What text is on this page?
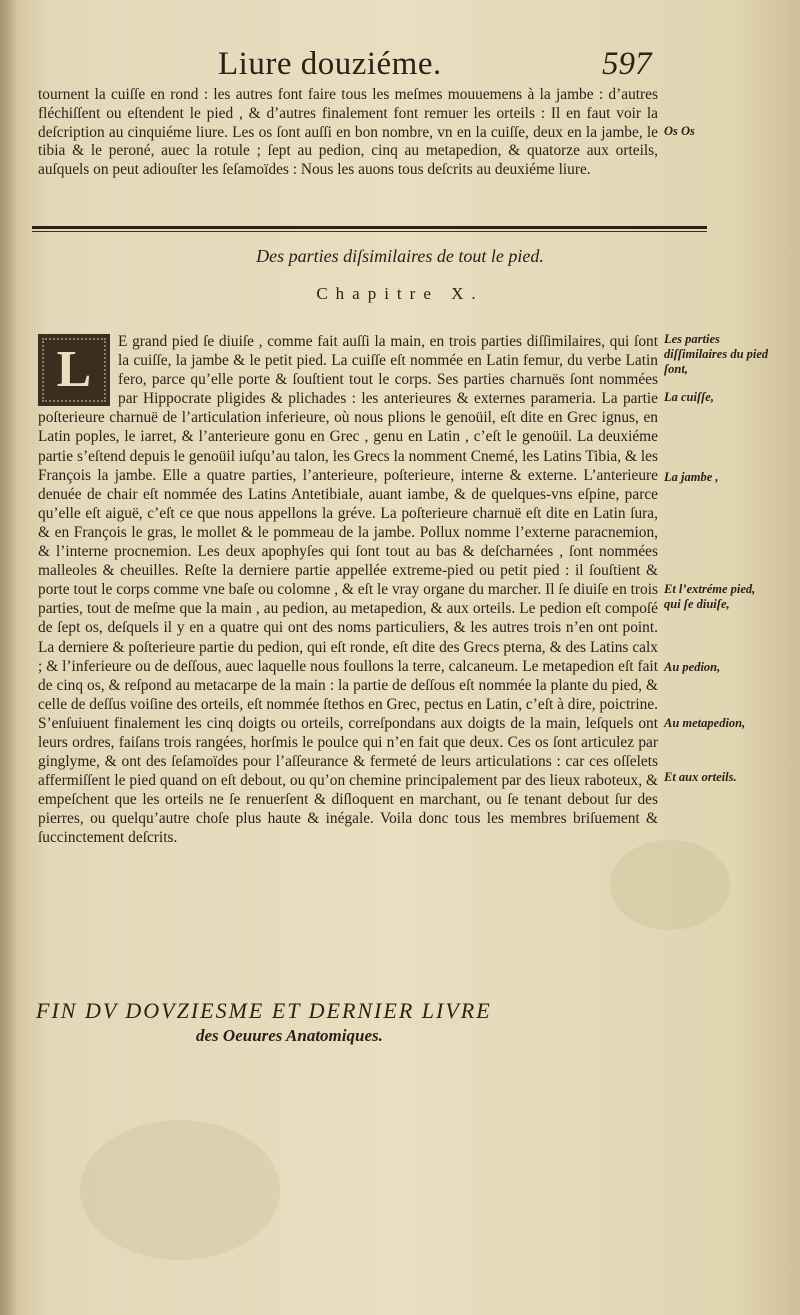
Liure douziéme.	597

tournent la cuiſſe en rond : les autres font faire tous les meſmes mouuemens à la jambe : d’autres fléchiſſent ou eſtendent le pied , & d’autres finalement font remuer les orteils : Il en faut voir la deſcription au cinquiéme liure. Les os ſont auſſi en bon nombre, vn en la cuiſſe, deux en la jambe, le tibia & le peroné, auec la rotule ; ſept au pedion, cinq au metapedion, & quatorze aux orteils, auſquels on peut adiouſter les ſeſamoïdes : Nous les auons tous deſcrits au deuxiéme liure.

Os Os
Des parties diſsimilaires de tout le pied.
Chapitre X.
L	E grand pied ſe diuiſe , comme fait auſſi la main, en trois parties diſſimilaires, qui ſont la cuiſſe, la jambe & le petit pied. La cuiſſe eſt nommée en Latin femur, du verbe Latin fero, parce qu’elle porte & ſouſtient tout le corps. Ses parties charnuës ſont nommées par Hippocrate pligides & plichades : les anterieures & externes parameria. La partie poſterieure charnuë de l’articulation inferieure, où nous plions le genoüil, eſt dite en Grec ignus, en Latin poples, le iarret, & l’anterieure gonu en Grec , genu en Latin , c’eſt le genoüil. La deuxiéme partie s’eſtend depuis le genoüil iuſqu’au talon, les Grecs la nomment Cnemé, les Latins Tibia, & les François la jambe. Elle a quatre parties, l’anterieure, poſterieure, interne & externe. L’anterieure denuée de chair eſt nommée des Latins Antetibiale, auant iambe, & de quelques-vns eſpine, parce qu’elle eſt aiguë, c’eſt ce que nous appellons la gréve. La poſterieure charnuë eſt dite en Latin ſura, & en François le gras, le mollet & le pommeau de la jambe. Pollux nomme l’externe paracnemion, & l’interne procnemion. Les deux apophyſes qui ſont tout au bas & deſcharnées , ſont nommées malleoles & cheuilles. Reſte la derniere partie appellée extreme-pied ou petit pied : il ſouſtient & porte tout le corps comme vne baſe ou colomne , & eſt le vray organe du marcher. Il ſe diuiſe en trois parties, tout de meſme que la main , au pedion, au metapedion, & aux orteils. Le pedion eſt compoſé de ſept os, deſquels il y en a quatre qui ont des noms particuliers, & les autres trois n’en ont point. La derniere & poſterieure partie du pedion, qui eſt ronde, eſt dite des Grecs pterna, & des Latins calx ; & l’inferieure ou de deſſous, auec laquelle nous foullons la terre, calcaneum. Le metapedion eſt fait de cinq os, & reſpond au metacarpe de la main : la partie de deſſous eſt nommée la plante du pied, & celle de deſſus voiſine des orteils, eſt nommée ſtethos en Grec, pectus en Latin, c’eſt à dire, poictrine. S’enſuiuent finalement les cinq doigts ou orteils, correſpondans aux doigts de la main, leſquels ont leurs ordres, faiſans trois rangées, horſmis le poulce qui n’en fait que deux. Ces os ſont articulez par ginglyme, & ont des ſeſamoïdes pour l’aſſeurance & fermeté de leurs articulations : car ces oſſelets affermiſſent le pied quand on eſt debout, ou qu’on chemine principalement par des lieux raboteux, & empeſchent que les orteils ne ſe renuerſent & diſloquent en marchant, ou ſe tenant debout ſur des pierres, ou quelqu’autre choſe plus haute & inégale. Voila donc tous les membres briſuement & ſuccinctement deſcrits.

Les parties diſſimilaires du pied ſont,
La cuiſſe,
La jambe ,
Et l’extréme pied, qui ſe diuiſe,
Au pedion,
Au metapedion,
Et aux orteils.
FIN DV DOVZIESME ET DERNIER LIVRE
des Oeuures Anatomiques.
